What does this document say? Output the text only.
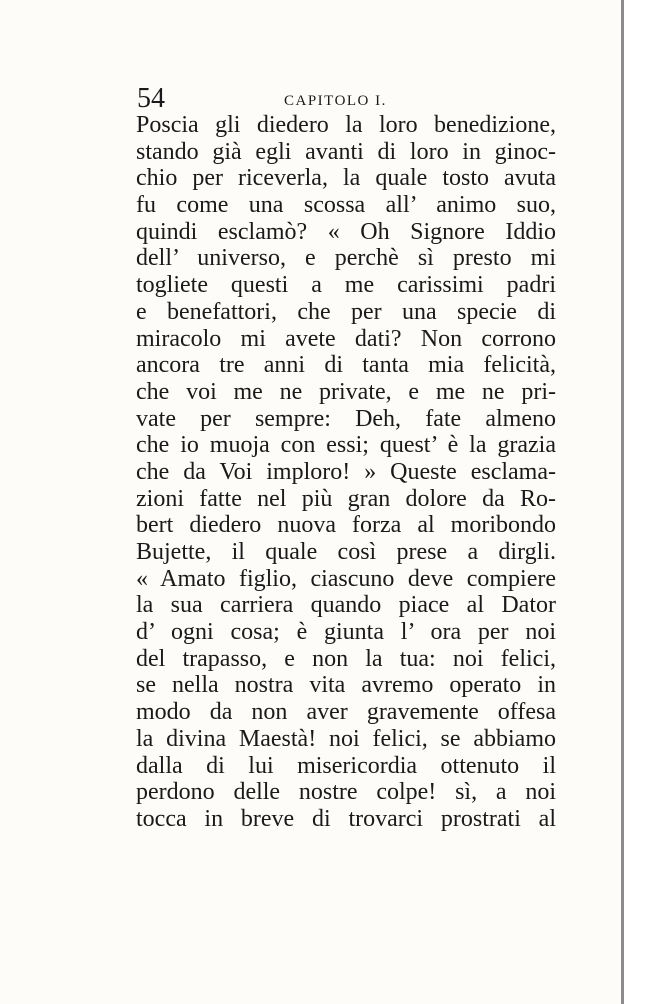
54	CAPITOLO I.
Poscia gli diedero la loro benedizione,
stando già egli avanti di loro in ginoc-
chio per riceverla, la quale tosto avuta
fu come una scossa all’ animo suo,
quindi esclamò? « Oh Signore Iddio
dell’ universo, e perchè sì presto mi
togliete questi a me carissimi padri
e benefattori, che per una specie di
miracolo mi avete dati? Non corrono
ancora tre anni di tanta mia felicità,
che voi me ne private, e me ne pri-
vate per sempre: Deh, fate almeno
che io muoja con essi; quest’ è la grazia
che da Voi imploro! » Queste esclama-
zioni fatte nel più gran dolore da Ro-
bert diedero nuova forza al moribondo
Bujette, il quale così prese a dirgli.
« Amato figlio, ciascuno deve compiere
la sua carriera quando piace al Dator
d’ ogni cosa; è giunta l’ ora per noi
del trapasso, e non la tua: noi felici,
se nella nostra vita avremo operato in
modo da non aver gravemente offesa
la divina Maestà! noi felici, se abbiamo
dalla di lui misericordia ottenuto il
perdono delle nostre colpe! sì, a noi
tocca in breve di trovarci prostrati al
